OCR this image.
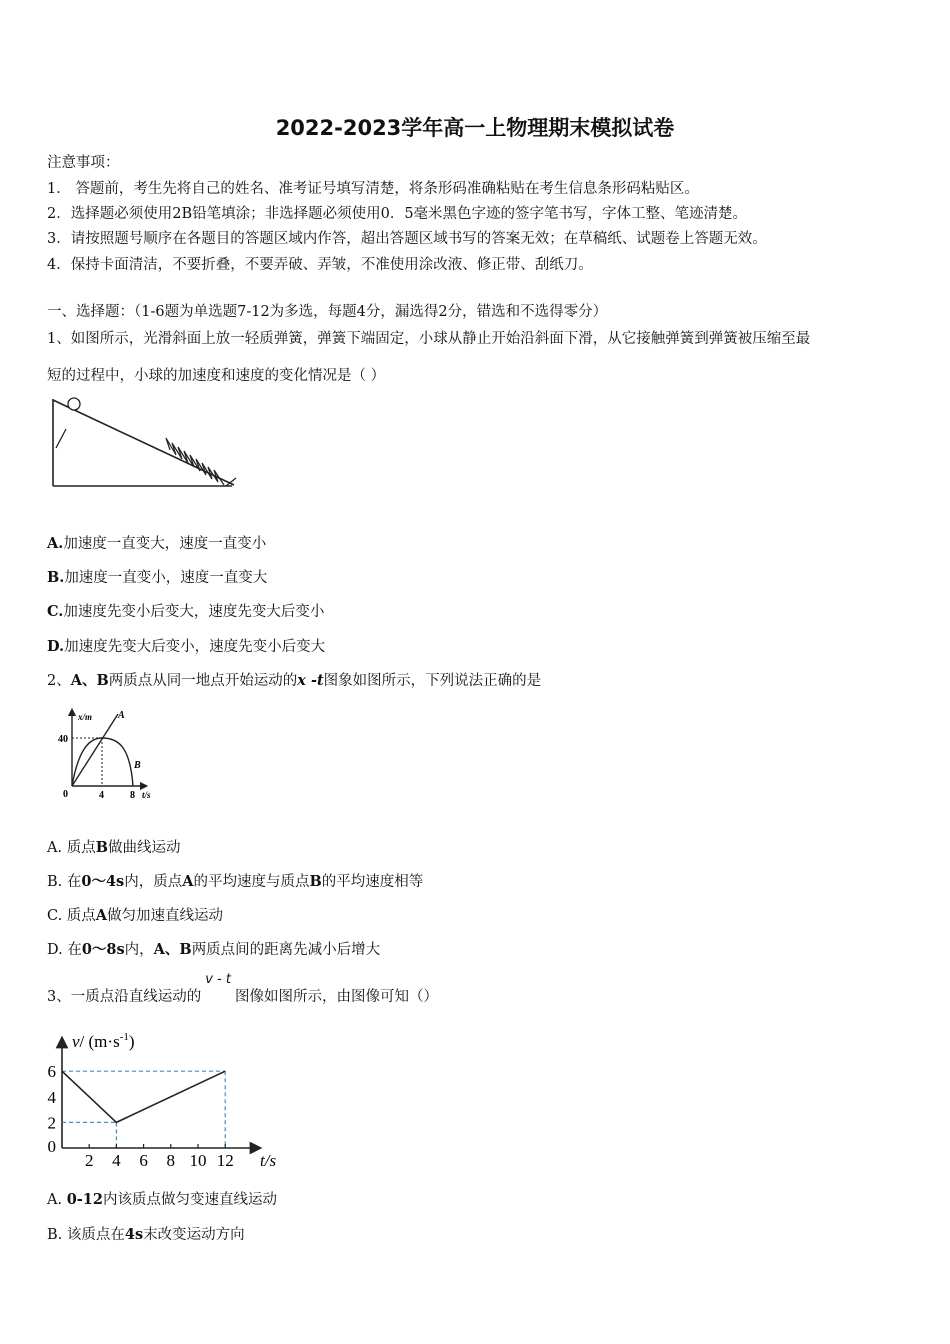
2022-2023学年高一上物理期末模拟试卷
注意事项：
1． 答题前，考生先将自己的姓名、准考证号填写清楚，将条形码准确粘贴在考生信息条形码粘贴区。
2．选择题必须使用2B铅笔填涂；非选择题必须使用0．5毫米黑色字迹的签字笔书写，字体工整、笔迹清楚。
3．请按照题号顺序在各题目的答题区域内作答，超出答题区域书写的答案无效；在草稿纸、试题卷上答题无效。
4．保持卡面清洁，不要折叠，不要弄破、弄皱，不准使用涂改液、修正带、刮纸刀。
一、选择题：（1-6题为单选题7-12为多选，每题4分，漏选得2分，错选和不选得零分）
1、如图所示，光滑斜面上放一轻质弹簧，弹簧下端固定，小球从静止开始沿斜面下滑，从它接触弹簧到弹簧被压缩至最
短的过程中，小球的加速度和速度的变化情况是（ ）
A.加速度一直变大，速度一直变小
B.加速度一直变小，速度一直变大
C.加速度先变小后变大，速度先变大后变小
D.加速度先变大后变小，速度先变小后变大
2、A、B两质点从同一地点开始运动的x -t图象如图所示，下列说法正确的是
x/m	A
B
40
0	4	8 t/s
A. 质点B做曲线运动
B. 在0～4s内，质点A的平均速度与质点B的平均速度相等
C. 质点A做匀加速直线运动
D. 在0～8s内，A、B两质点间的距离先减小后增大
3、一质点沿直线运动的v - t图像如图所示，由图像可知（）
2 4 6 8 10 12
0
2
4
6
v/ $(m\cdot s^{-1})$
t/s
A. 0-12内该质点做匀变速直线运动
B. 该质点在4s末改变运动方向
